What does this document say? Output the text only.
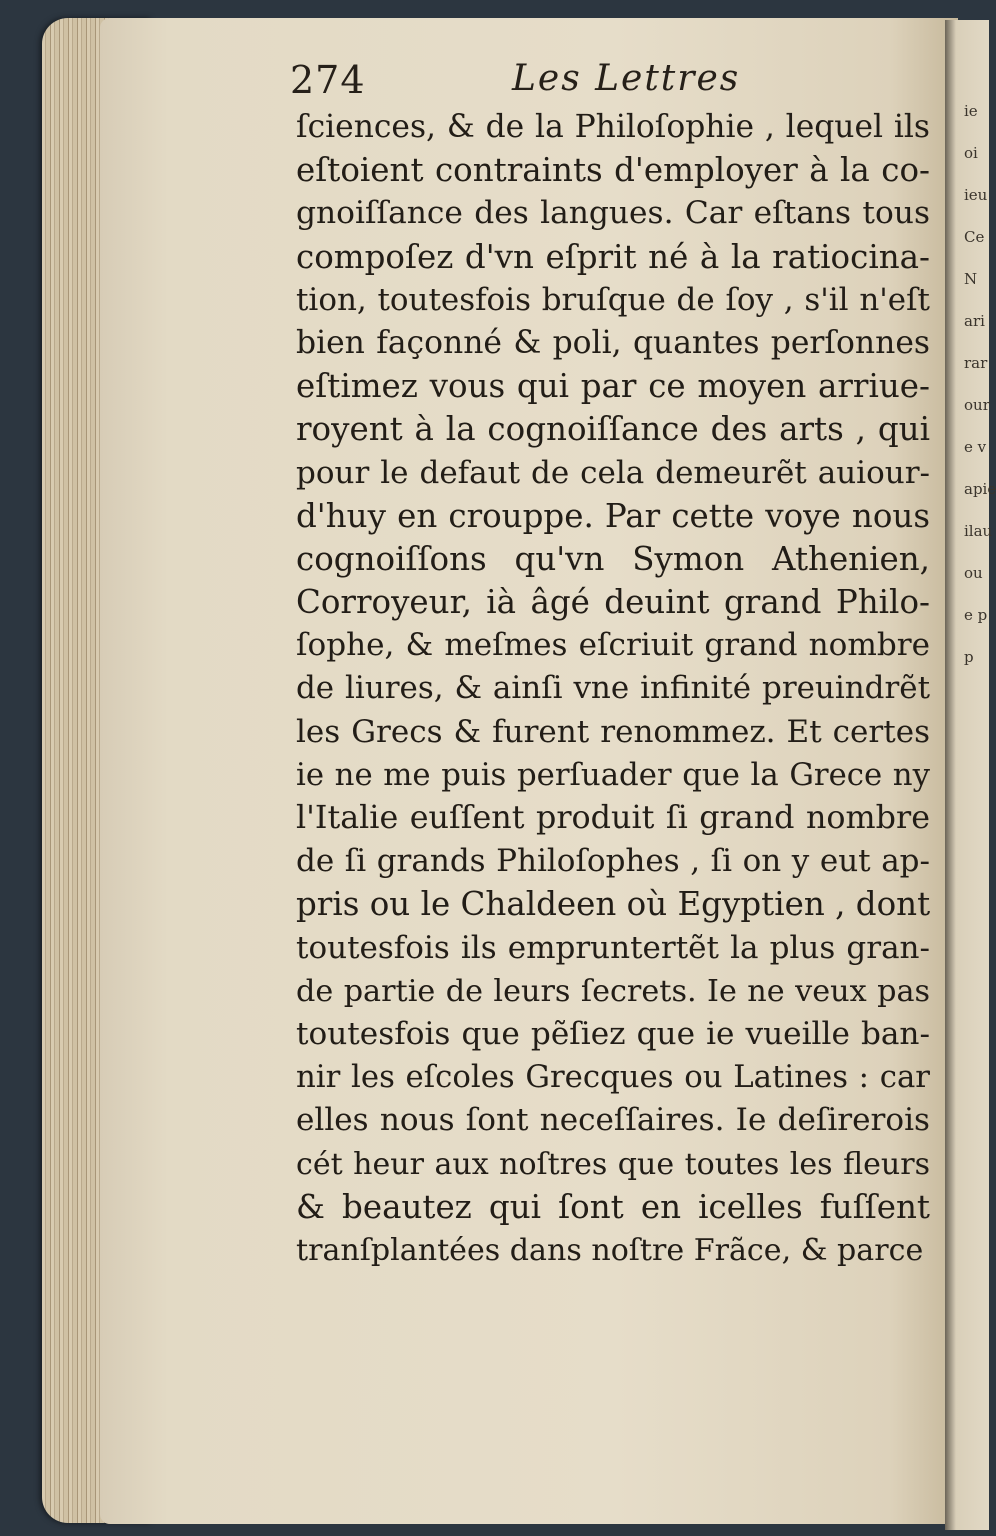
ie
oi
ieu
Ce
N
ari
rar
our
e v
apie
ilau
ou
e p
p
274	Les Lettres
ſciences, & de la Philoſophie , lequel ils
eſtoient contraints d'employer à la co-
gnoiſſance des langues. Car eſtans tous
compoſez d'vn eſprit né à la ratiocina-
tion, toutesfois bruſque de ſoy , s'il n'eſt
bien façonné & poli, quantes perſonnes
eſtimez vous qui par ce moyen arriue-
royent à la cognoiſſance des arts , qui
pour le defaut de cela demeurẽt auiour-
d'huy en crouppe. Par cette voye nous
cognoiſſons qu'vn Symon Athenien,
Corroyeur, ià âgé deuint grand Philo-
ſophe, & meſmes eſcriuit grand nombre
de liures, & ainſi vne infinité preuindrẽt
les Grecs & furent renommez. Et certes
ie ne me puis perſuader que la Grece ny
l'Italie euſſent produit ſi grand nombre
de ſi grands Philoſophes , ſi on y eut ap-
pris ou le Chaldeen où Egyptien , dont
toutesfois ils empruntertẽt la plus gran-
de partie de leurs ſecrets. Ie ne veux pas
toutesfois que pẽſiez que ie vueille ban-
nir les eſcoles Grecques ou Latines : car
elles nous ſont neceſſaires. Ie deſirerois
cét heur aux noſtres que toutes les fleurs
& beautez qui ſont en icelles fuſſent
tranſplantées dans noſtre Frãce, & parce
